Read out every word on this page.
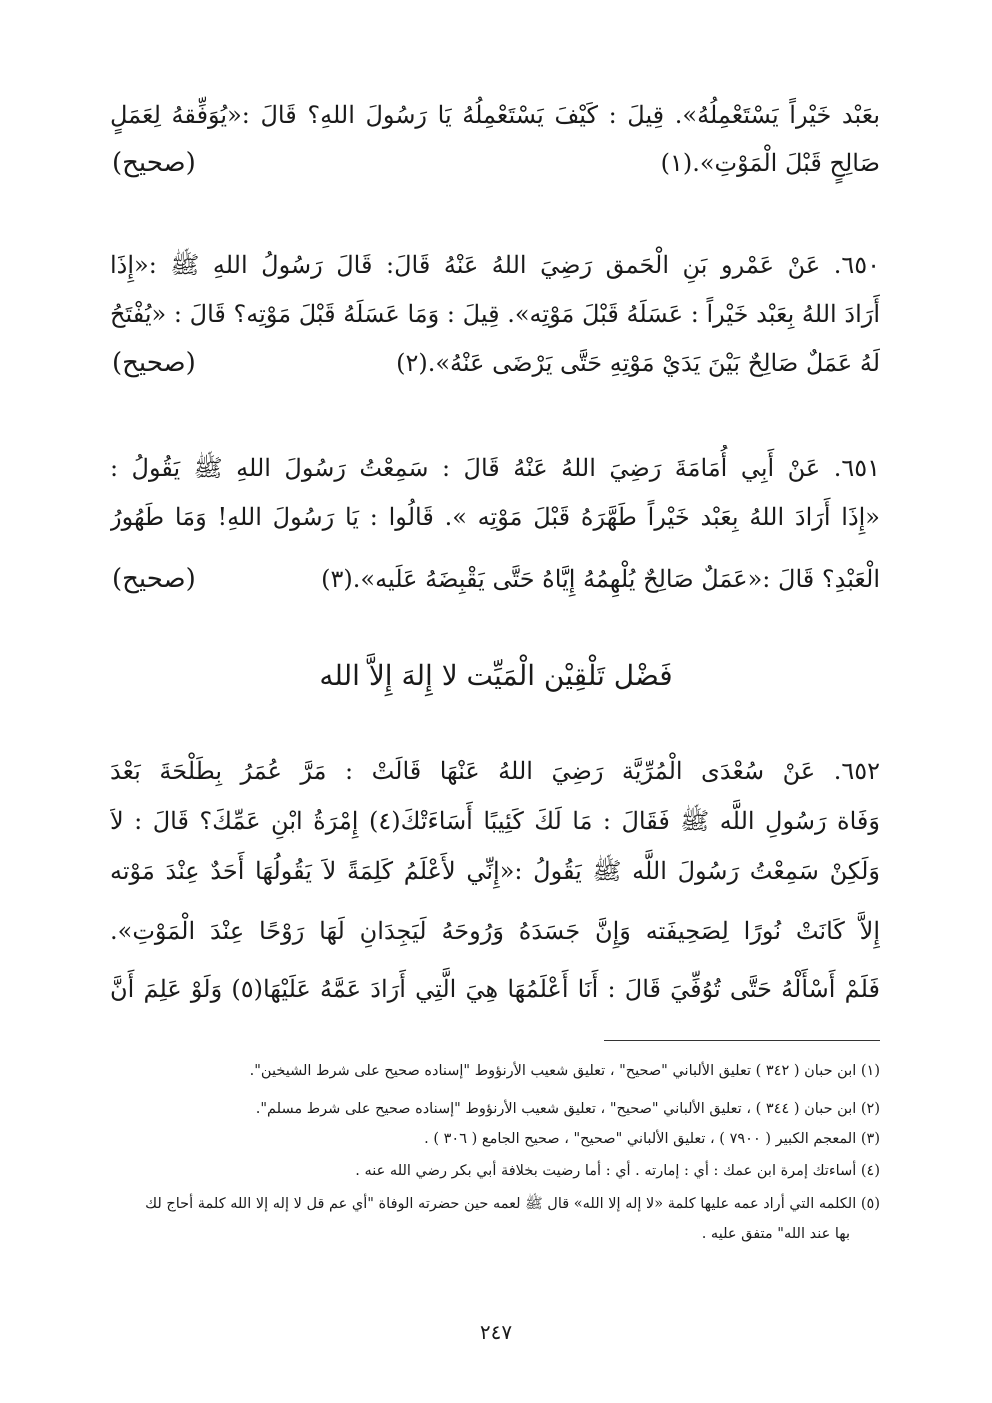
بعَبْد خَيْراً يَسْتَعْمِلُهُ». قِيلَ : كَيْفَ يَسْتَعْمِلُهُ يَا رَسُولَ اللهِ؟ قَالَ :«يُوَفِّقهُ لِعَمَلٍ
صَالِحٍ قَبْلَ الْمَوْتِ».(١)
(صحيح)
٦٥٠. عَنْ عَمْرو بَنِ الْحَمق رَضِيَ اللهُ عَنْهُ قَالَ: قَالَ رَسُولُ اللهِ ﷺ :«إِذَا
أَرَادَ اللهُ بِعَبْد خَيْراً : عَسَلَهُ قَبْلَ مَوْتِه». قِيلَ : وَمَا عَسَلَهُ قَبْلَ مَوْتِه؟ قَالَ : «يُفْتَحُ
لَهُ عَمَلٌ صَالِحٌ بَيْنَ يَدَيْ مَوْتِهِ حَتَّى يَرْضَى عَنْهُ».(٢)
(صحيح)
٦٥١. عَنْ أَبِي أُمَامَةَ رَضِيَ اللهُ عَنْهُ قَالَ : سَمِعْتُ رَسُولَ اللهِ ﷺ يَقُولُ :
«إِذَا أَرَادَ اللهُ بِعَبْد خَيْراً طَهَّرَهُ قَبْلَ مَوْتِه ». قَالُوا : يَا رَسُولَ اللهِ! وَمَا طَهُورُ
الْعَبْدِ؟ قَالَ :«عَمَلٌ صَالِحٌ يُلْهِمُهُ إِيَّاهُ حَتَّى يَقْبِضَهُ عَلَيه».(٣)
(صحيح)
فَضْل تَلْقِيْن الْمَيِّت لا إِلهَ إِلاَّ الله
٦٥٢. عَنْ سُعْدَى الْمُرِّيَّة رَضِيَ اللهُ عَنْهَا قَالَتْ : مَرَّ عُمَرُ بِطَلْحَةَ بَعْدَ
وَفَاة رَسُولِ اللَّه ﷺ فَقَالَ : مَا لَكَ كَئِيبًا أَسَاءَتْكَ(٤) إِمْرَةُ ابْنِ عَمِّكَ؟ قَالَ : لاَ
وَلَكِنْ سَمِعْتُ رَسُولَ اللَّه ﷺ يَقُولُ :«إِنِّي لأَعْلَمُ كَلِمَةً لاَ يَقُولُهَا أَحَدٌ عِنْدَ مَوْته
إِلاَّ كَانَتْ نُورًا لِصَحِيفَته وَإِنَّ جَسَدَهُ وَرُوحَهُ لَيَجِدَانِ لَهَا رَوْحًا عِنْدَ الْمَوْتِ».
فَلَمْ أَسْأَلْهُ حَتَّى تُوُفِّيَ قَالَ : أَنَا أَعْلَمُهَا هِيَ الَّتِي أَرَادَ عَمَّهُ عَلَيْهَا(٥) وَلَوْ عَلِمَ أَنَّ
(١) ابن حبان ( ٣٤٢ ) تعليق الألباني "صحيح" ، تعليق شعيب الأرنؤوط "إسناده صحيح على شرط الشيخين".
(٢) ابن حبان ( ٣٤٤ ) ، تعليق الألباني "صحيح" ، تعليق شعيب الأرنؤوط "إسناده صحيح على شرط مسلم".
(٣) المعجم الكبير ( ٧٩٠٠ ) ، تعليق الألباني "صحيح" ، صحيح الجامع ( ٣٠٦ ) .
(٤) أساءتك إمرة ابن عمك : أي : إمارته . أي : أما رضيت بخلافة أبي بكر رضي الله عنه .
(٥) الكلمه التي أراد عمه عليها كلمة «لا إله إلا الله» قال ﷺ لعمه حين حضرته الوفاة "أي عم قل لا إله إلا الله كلمة أحاج لك
بها عند الله" متفق عليه .
٢٤٧
